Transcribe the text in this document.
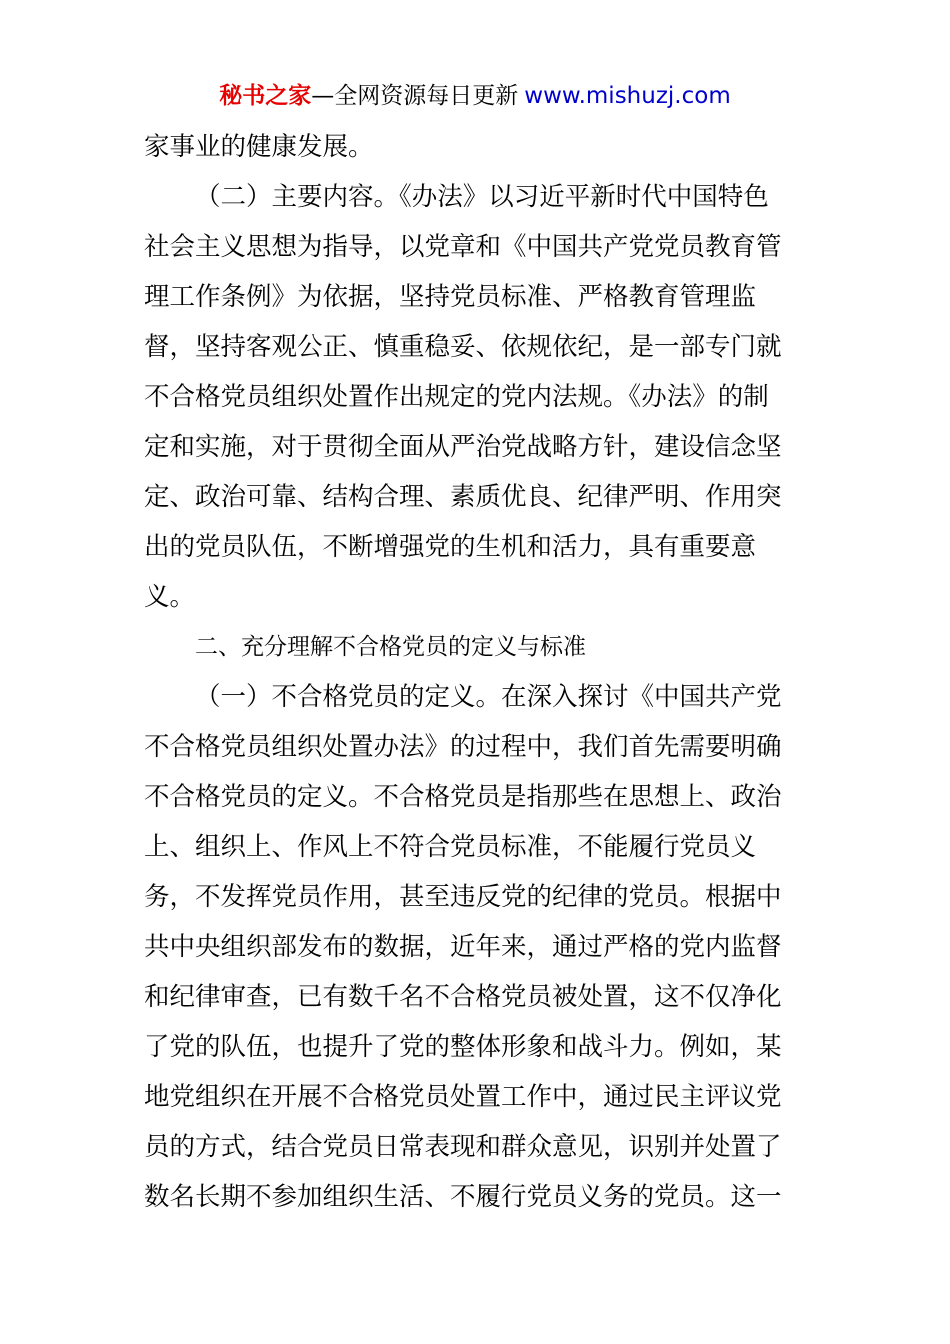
秘书之家—全网资源每日更新 www.mishuzj.com
家事业的健康发展。
（二）主要内容。《办法》以习近平新时代中国特色
社会主义思想为指导，以党章和《中国共产党党员教育管
理工作条例》为依据，坚持党员标准、严格教育管理监
督，坚持客观公正、慎重稳妥、依规依纪，是一部专门就
不合格党员组织处置作出规定的党内法规。《办法》的制
定和实施，对于贯彻全面从严治党战略方针，建设信念坚
定、政治可靠、结构合理、素质优良、纪律严明、作用突
出的党员队伍，不断增强党的生机和活力，具有重要意
义。
二、充分理解不合格党员的定义与标准
（一）不合格党员的定义。在深入探讨《中国共产党
不合格党员组织处置办法》的过程中，我们首先需要明确
不合格党员的定义。不合格党员是指那些在思想上、政治
上、组织上、作风上不符合党员标准，不能履行党员义
务，不发挥党员作用，甚至违反党的纪律的党员。根据中
共中央组织部发布的数据，近年来，通过严格的党内监督
和纪律审查，已有数千名不合格党员被处置，这不仅净化
了党的队伍，也提升了党的整体形象和战斗力。例如，某
地党组织在开展不合格党员处置工作中，通过民主评议党
员的方式，结合党员日常表现和群众意见，识别并处置了
数名长期不参加组织生活、不履行党员义务的党员。这一
